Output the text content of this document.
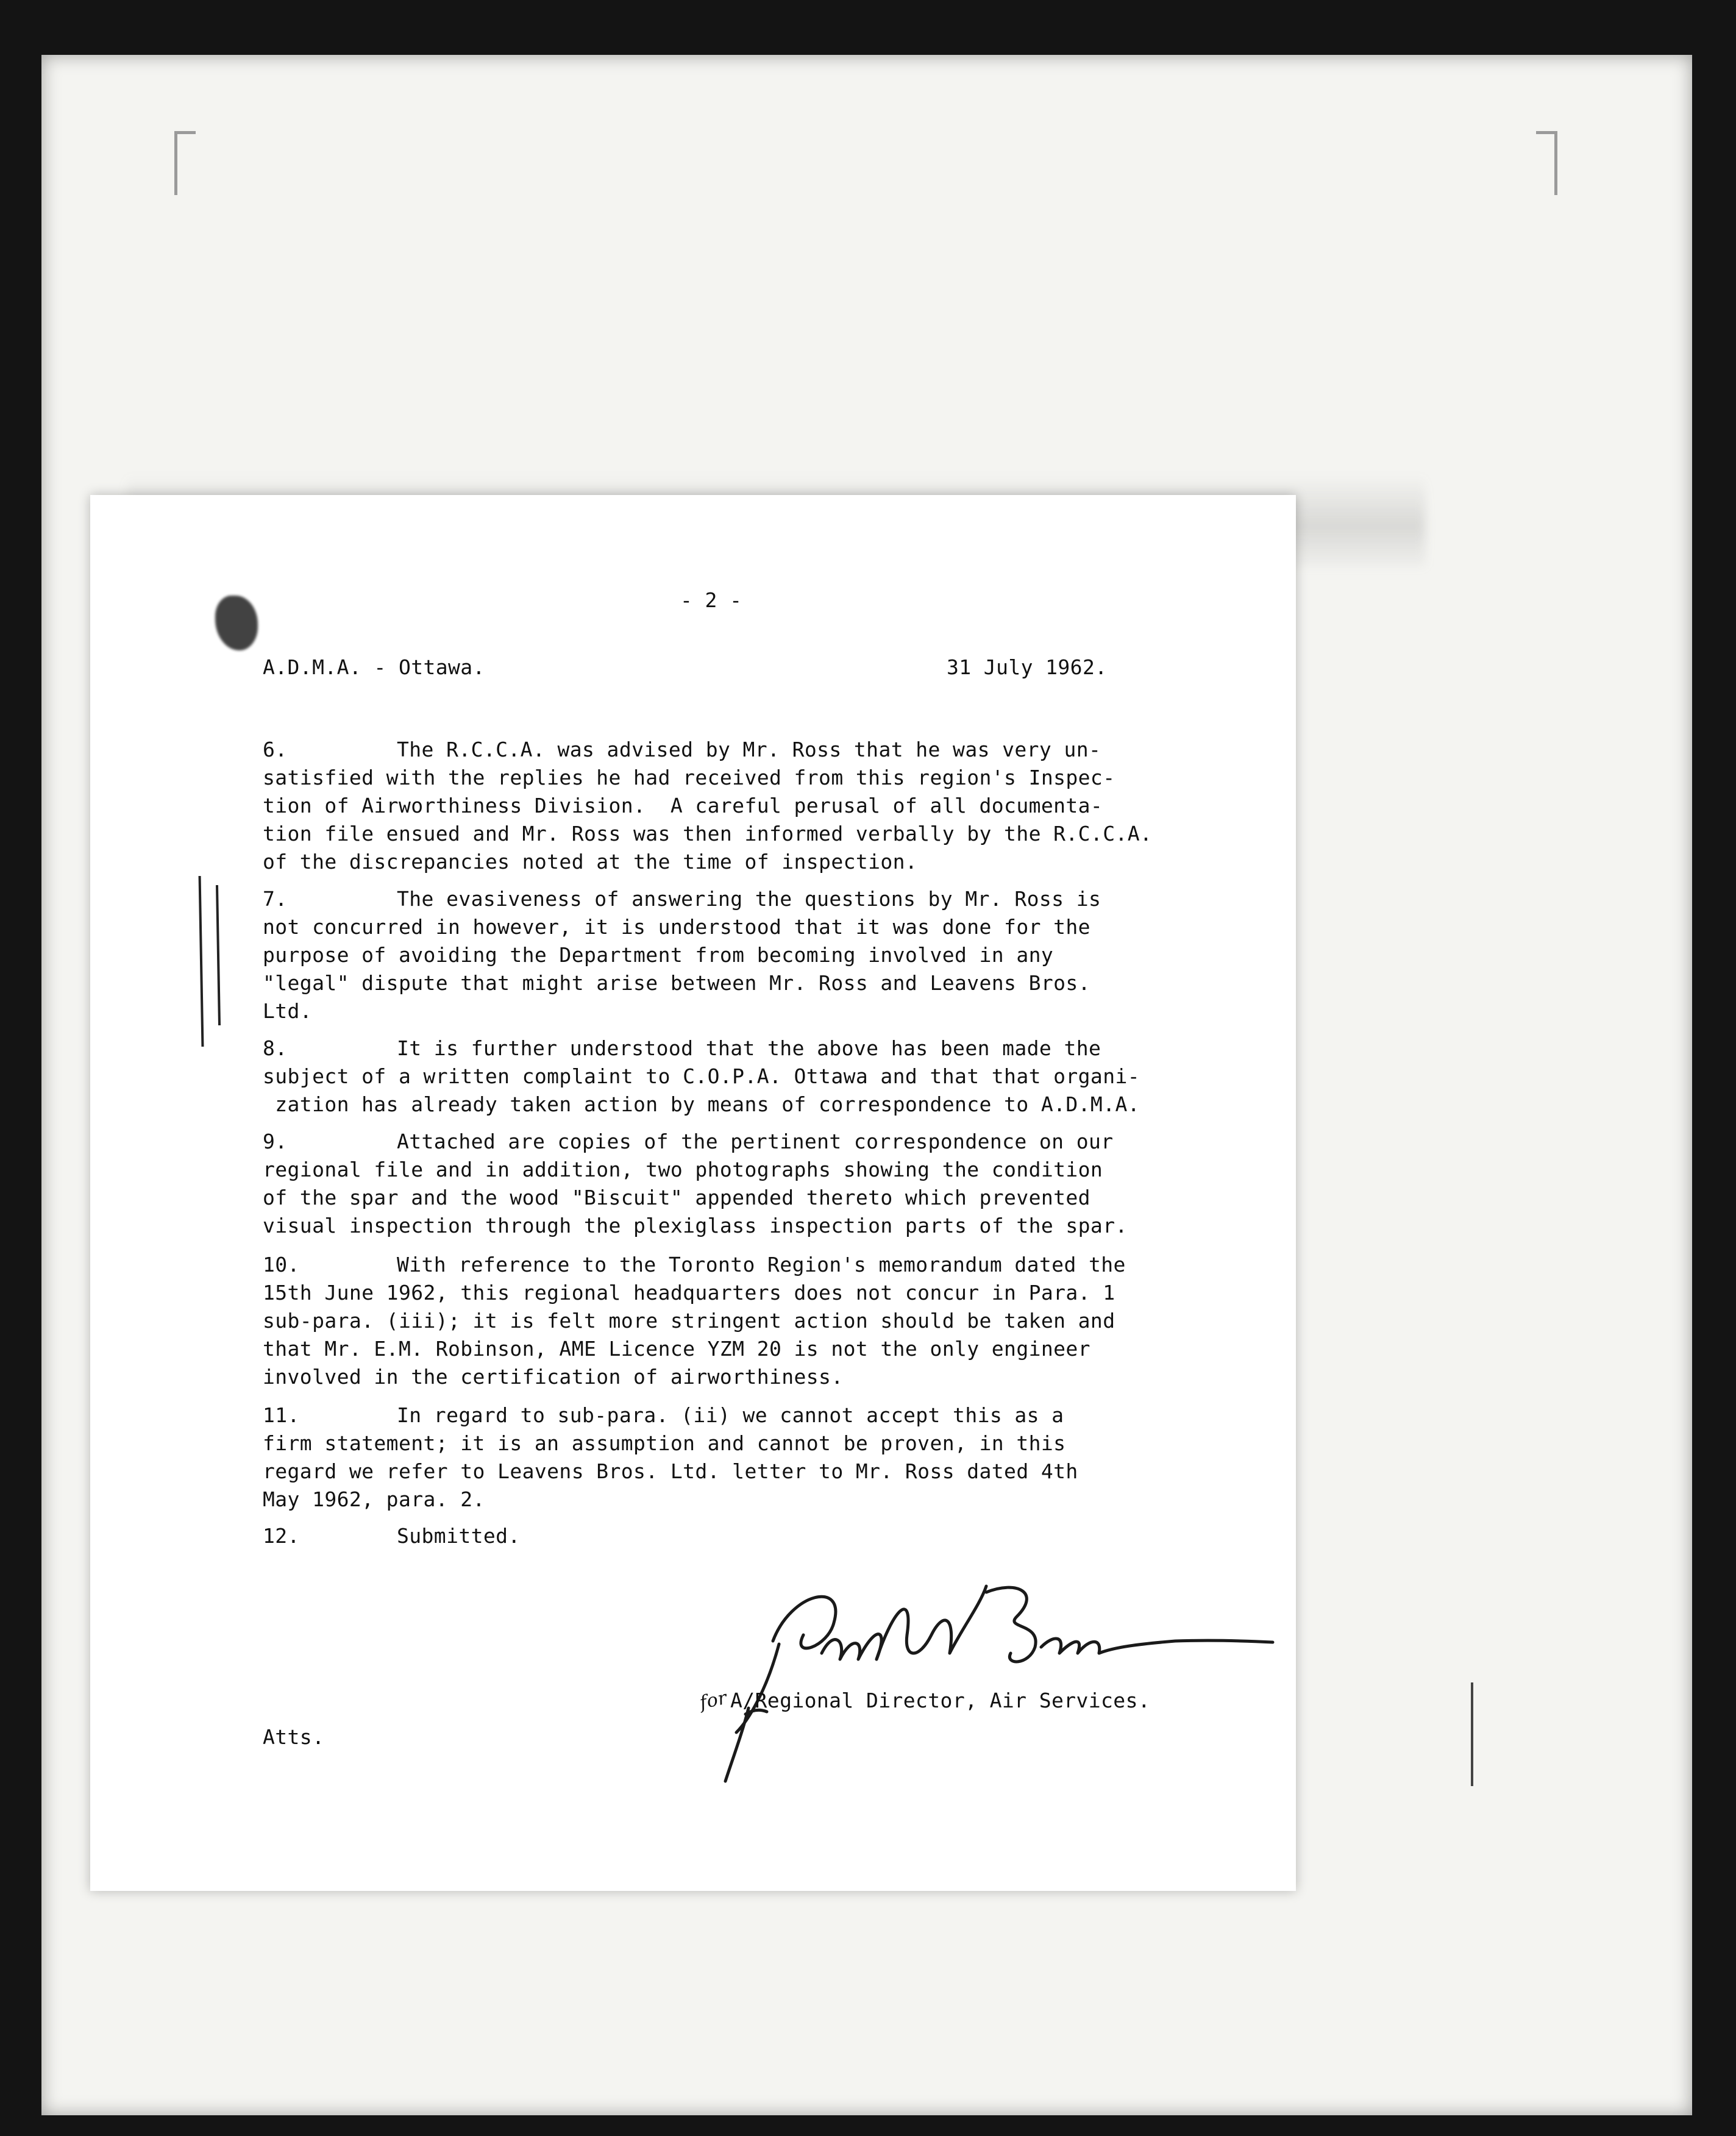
- 2 -
A.D.M.A. - Ottawa.	31 July 1962.
6.	The R.C.C.A. was advised by Mr. Ross that he was very un-
satisfied with the replies he had received from this region's Inspec-
tion of Airworthiness Division.  A careful perusal of all documenta-
tion file ensued and Mr. Ross was then informed verbally by the R.C.C.A.
of the discrepancies noted at the time of inspection.
7.	The evasiveness of answering the questions by Mr. Ross is
not concurred in however, it is understood that it was done for the
purpose of avoiding the Department from becoming involved in any
"legal" dispute that might arise between Mr. Ross and Leavens Bros.
Ltd.
8.	It is further understood that the above has been made the
subject of a written complaint to C.O.P.A. Ottawa and that that organi-
zation has already taken action by means of correspondence to A.D.M.A.
9.	Attached are copies of the pertinent correspondence on our
regional file and in addition, two photographs showing the condition
of the spar and the wood "Biscuit" appended thereto which prevented
visual inspection through the plexiglass inspection parts of the spar.
10.	With reference to the Toronto Region's memorandum dated the
15th June 1962, this regional headquarters does not concur in Para. 1
sub-para. (iii); it is felt more stringent action should be taken and
that Mr. E.M. Robinson, AME Licence YZM 20 is not the only engineer
involved in the certification of airworthiness.
11.	In regard to sub-para. (ii) we cannot accept this as a
firm statement; it is an assumption and cannot be proven, in this
regard we refer to Leavens Bros. Ltd. letter to Mr. Ross dated 4th
May 1962, para. 2.
12.	Submitted.
for A/Regional Director, Air Services.
Atts.
